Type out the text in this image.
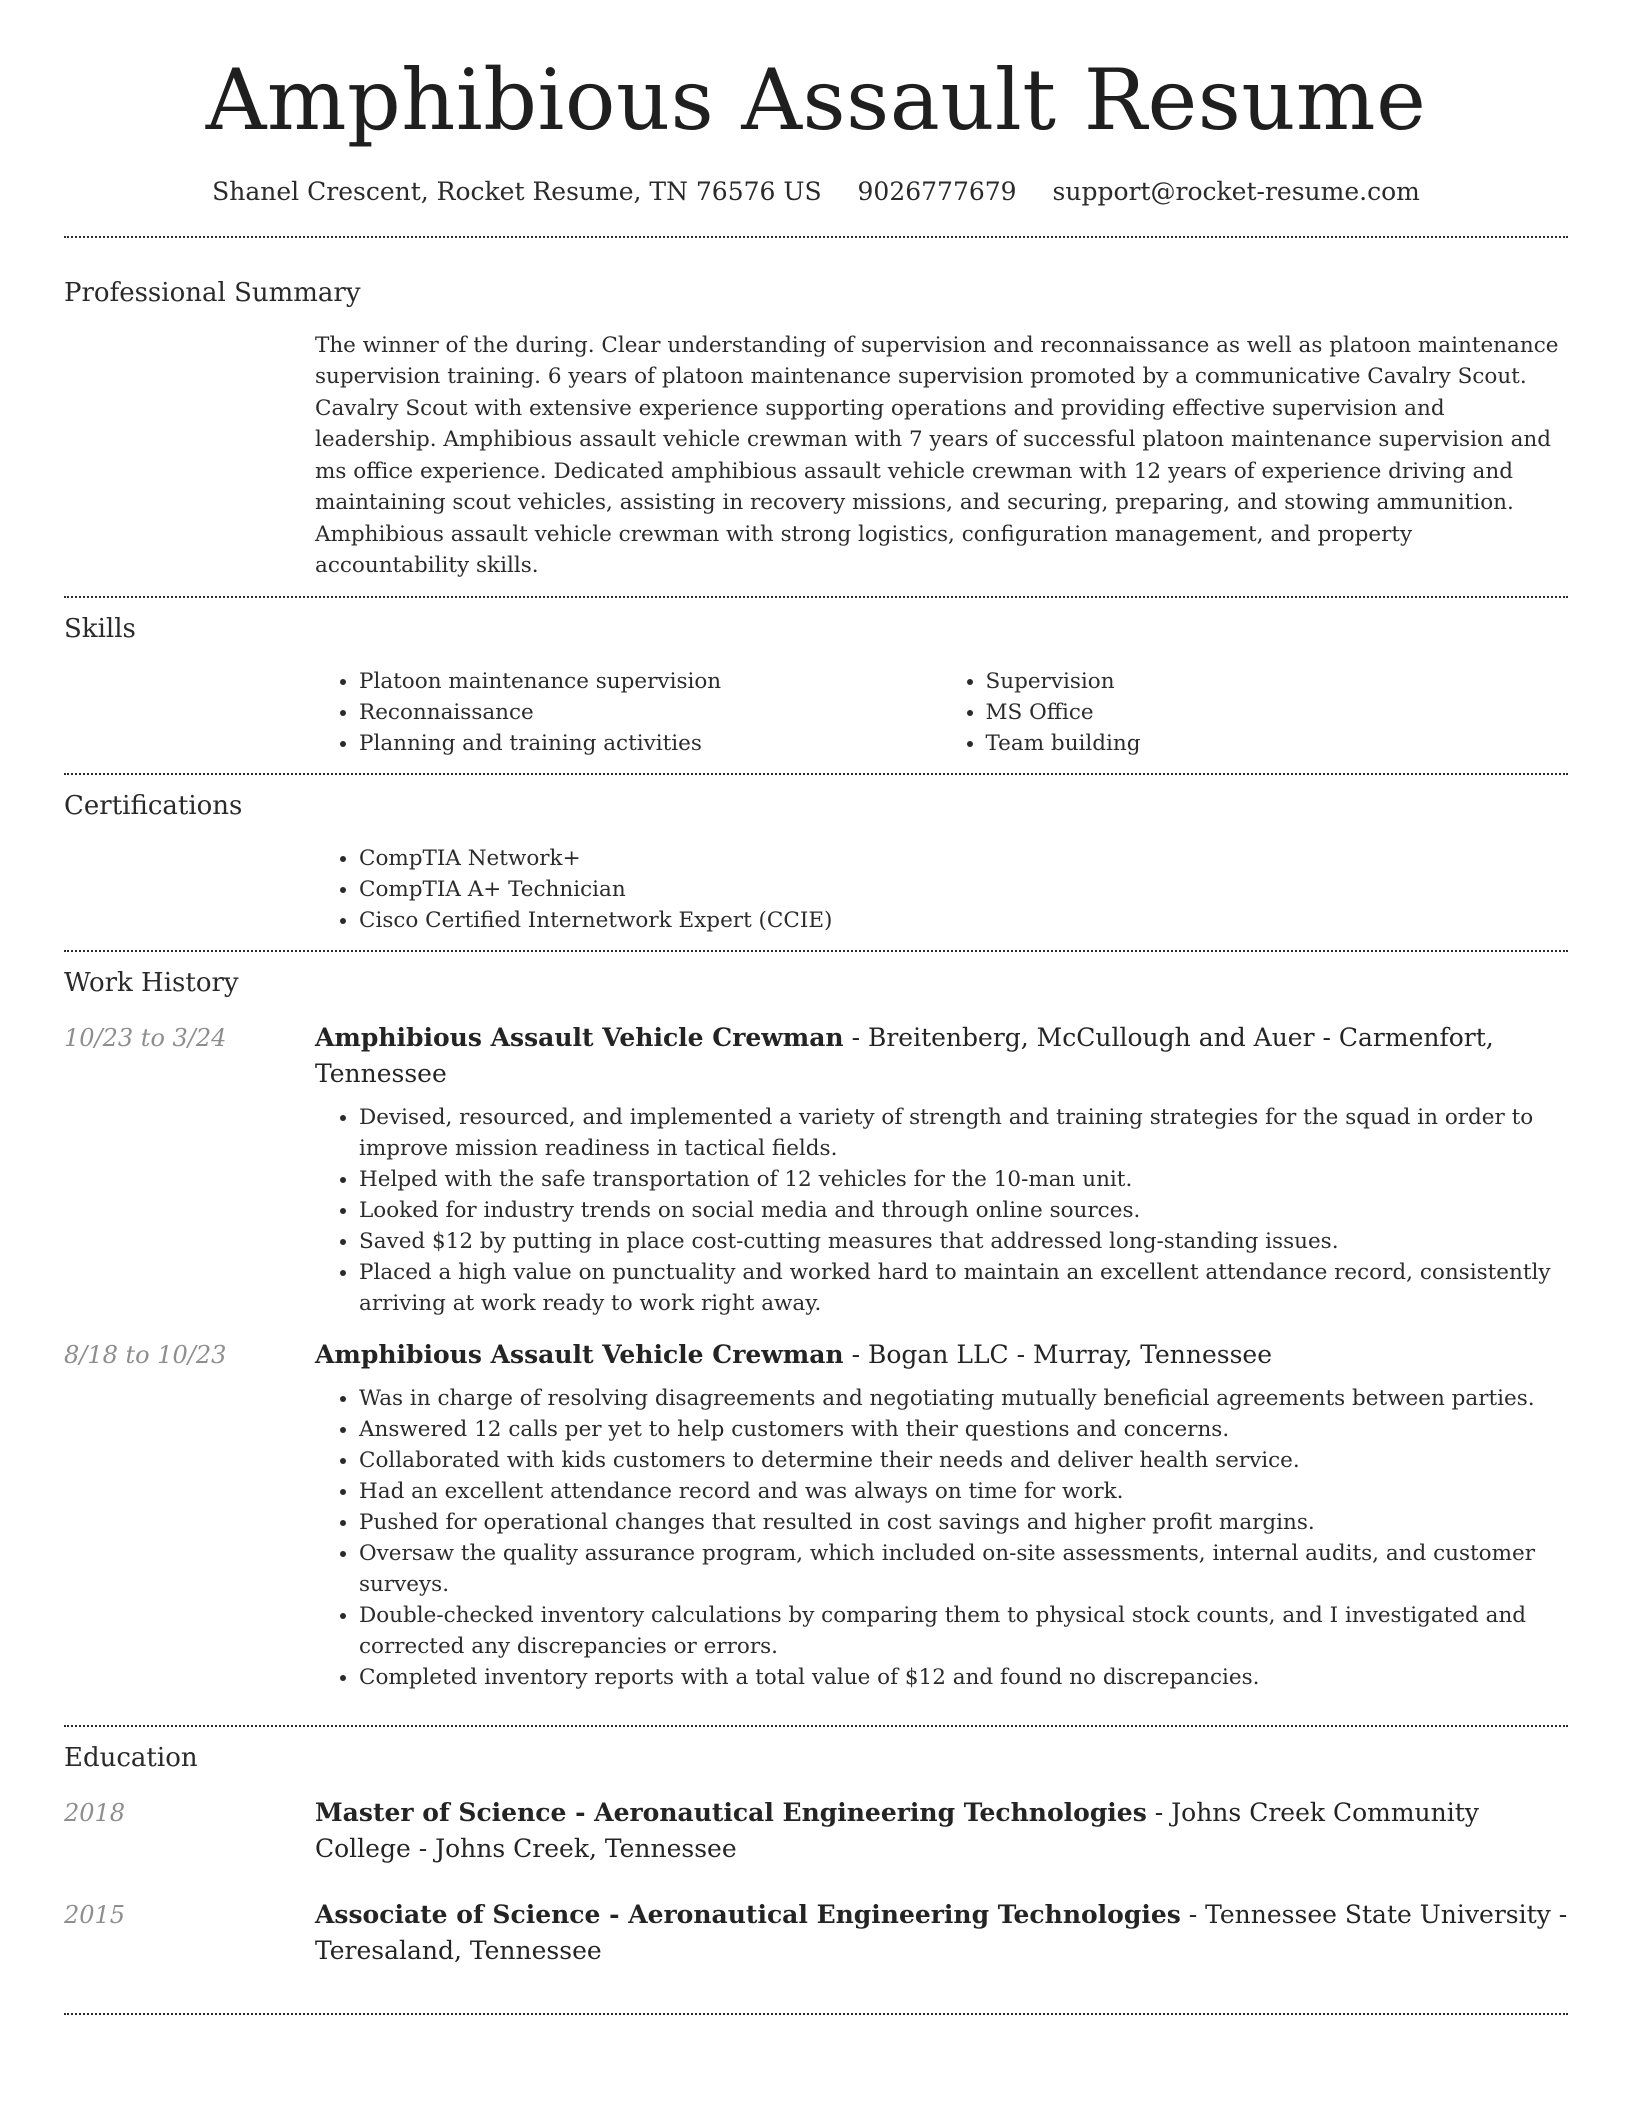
Amphibious Assault Resume
Shanel Crescent, Rocket Resume, TN 76576 US 9026777679 support@rocket-resume.com
Professional Summary
The winner of the during. Clear understanding of supervision and reconnaissance as well as platoon maintenance supervision training. 6 years of platoon maintenance supervision promoted by a communicative Cavalry Scout. Cavalry Scout with extensive experience supporting operations and providing effective supervision and leadership. Amphibious assault vehicle crewman with 7 years of successful platoon maintenance supervision and ms office experience. Dedicated amphibious assault vehicle crewman with 12 years of experience driving and maintaining scout vehicles, assisting in recovery missions, and securing, preparing, and stowing ammunition. Amphibious assault vehicle crewman with strong logistics, configuration management, and property accountability skills.
Skills
• Platoon maintenance supervision
• Reconnaissance
• Planning and training activities
• Supervision
• MS Office
• Team building
Certifications
• CompTIA Network+
• CompTIA A+ Technician
• Cisco Certified Internetwork Expert (CCIE)
Work History
10/23 to 3/24	Amphibious Assault Vehicle Crewman - Breitenberg, McCullough and Auer - Carmenfort, Tennessee
• Devised, resourced, and implemented a variety of strength and training strategies for the squad in order to improve mission readiness in tactical fields.
• Helped with the safe transportation of 12 vehicles for the 10-man unit.
• Looked for industry trends on social media and through online sources.
• Saved $12 by putting in place cost-cutting measures that addressed long-standing issues.
• Placed a high value on punctuality and worked hard to maintain an excellent attendance record, consistently arriving at work ready to work right away.
8/18 to 10/23	Amphibious Assault Vehicle Crewman - Bogan LLC - Murray, Tennessee
• Was in charge of resolving disagreements and negotiating mutually beneficial agreements between parties.
• Answered 12 calls per yet to help customers with their questions and concerns.
• Collaborated with kids customers to determine their needs and deliver health service.
• Had an excellent attendance record and was always on time for work.
• Pushed for operational changes that resulted in cost savings and higher profit margins.
• Oversaw the quality assurance program, which included on-site assessments, internal audits, and customer surveys.
• Double-checked inventory calculations by comparing them to physical stock counts, and I investigated and corrected any discrepancies or errors.
• Completed inventory reports with a total value of $12 and found no discrepancies.
Education
2018	Master of Science - Aeronautical Engineering Technologies - Johns Creek Community College - Johns Creek, Tennessee
2015	Associate of Science - Aeronautical Engineering Technologies - Tennessee State University - Teresaland, Tennessee
